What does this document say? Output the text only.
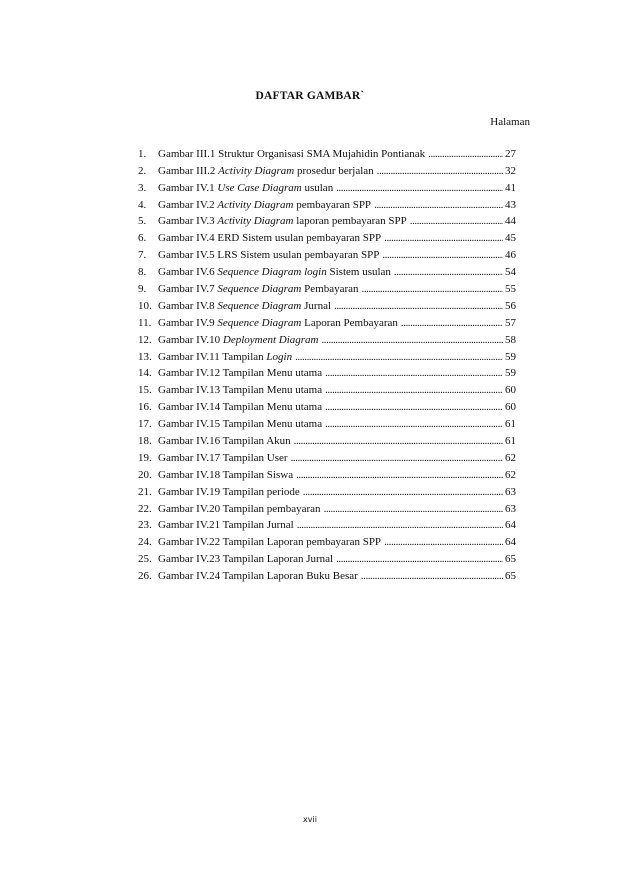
DAFTAR GAMBAR`
Halaman
1.	Gambar III.1 Struktur Organisasi SMA Mujahidin Pontianak . . .	27
2.	Gambar III.2 Activity Diagram prosedur berjalan . . .	32
3.	Gambar IV.1 Use Case Diagram usulan . . .	41
4.	Gambar IV.2 Activity Diagram pembayaran SPP . . .	43
5.	Gambar IV.3 Activity Diagram laporan pembayaran SPP . . .	44
6.	Gambar IV.4 ERD Sistem usulan pembayaran SPP . . .	45
7.	Gambar IV.5 LRS Sistem usulan pembayaran SPP . . .	46
8.	Gambar IV.6 Sequence Diagram login Sistem usulan . . .	54
9.	Gambar IV.7 Sequence Diagram Pembayaran . . .	55
10. Gambar IV.8 Sequence Diagram Jurnal . . .	56
11. Gambar IV.9 Sequence Diagram Laporan Pembayaran . . .	57
12. Gambar IV.10 Deployment Diagram . . .	58
13. Gambar IV.11 Tampilan Login . . .	59
14. Gambar IV.12 Tampilan Menu utama . . .	59
15. Gambar IV.13 Tampilan Menu utama . . .	60
16. Gambar IV.14 Tampilan Menu utama . . .	60
17. Gambar IV.15 Tampilan Menu utama . . .	61
18. Gambar IV.16 Tampilan Akun . . .	61
19. Gambar IV.17 Tampilan User . . .	62
20. Gambar IV.18 Tampilan Siswa . . .	62
21. Gambar IV.19 Tampilan periode . . .	63
22. Gambar IV.20 Tampilan pembayaran . . .	63
23. Gambar IV.21 Tampilan Jurnal . . .	64
24. Gambar IV.22 Tampilan Laporan pembayaran SPP . . .	64
25. Gambar IV.23 Tampilan Laporan Jurnal . . .	65
26. Gambar IV.24 Tampilan Laporan Buku Besar . . .	65
xvii
